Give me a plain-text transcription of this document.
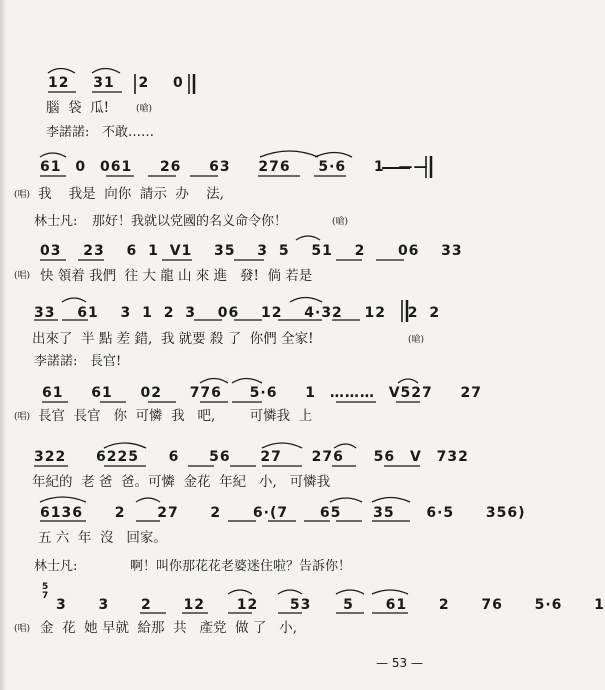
12  31  2  0
腦  袋  瓜!	(嗆)
李諾諾: 不敢……
61 0 061  26  63  276  5·6  1 ——
(唱) 我    我是  向你  請示  办    法,
林士凡: 那好！我就以党國的名义命令你！	(嗆)
03  23  6 1 V1  35  3 5  51  2   06  33
(唱) 快 領着 我們  往 大 龍 山 來 進   發!  倘 若是
33  61  3 1 2 3  06  12  4·32  12  2 2
出來了  半 點 差 錯,  我 就要 殺 了  你們 全家!	(嗆)
李諾諾: 長官!
61  61  02  776  5·6  1 ……… V527  27
(唱) 長官  長官   你  可憐  我   吧,        可憐我  上
322  6225  6  56  27  276  56 V 732
年紀的  老 爸  爸。可憐  金花  年紀   小,   可憐我
6136  2  27  2  6·(7  65  35  6·5  356)
五 六  年  沒   回家。
林士凡:	啊！叫你那花花老婆迷住啦？告訴你！
5
7
3  3  2  12  12  53  5  61  2  76  5·6  1
(唱) 金  花  她 早就  給那  共   產党  做 了   小,
— 53 —
